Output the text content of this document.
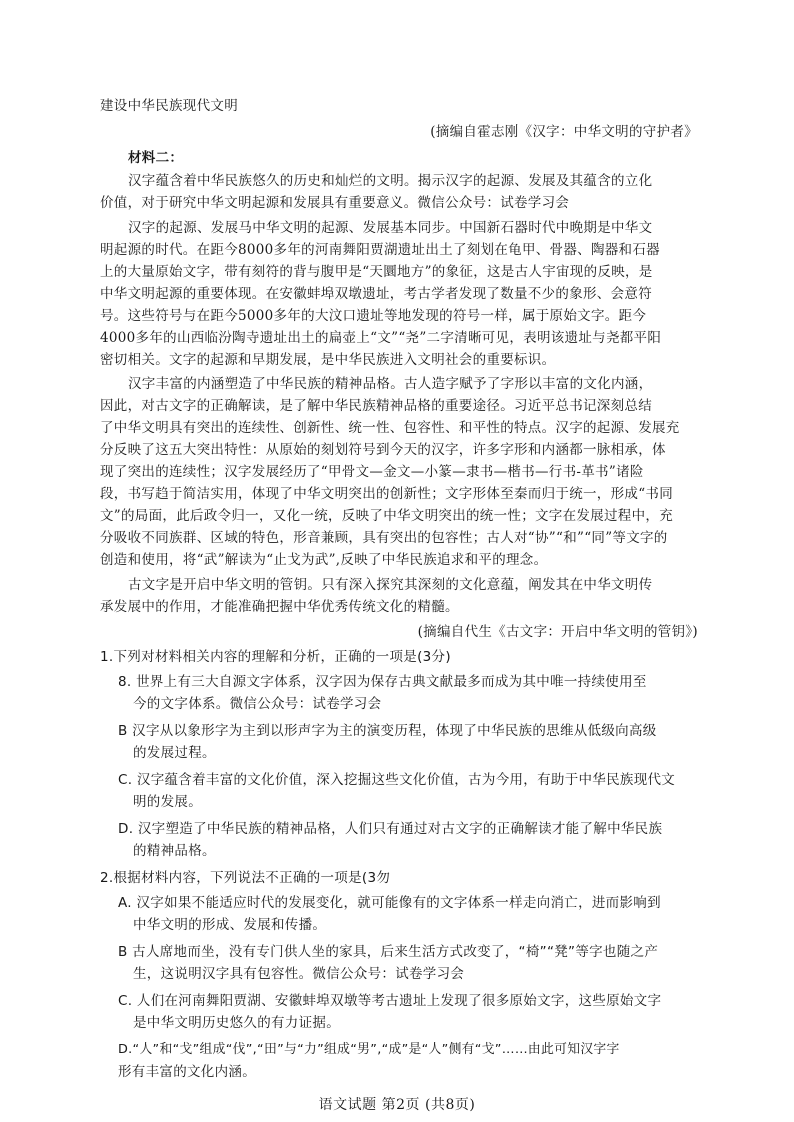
建设中华民族现代文明
(摘编自霍志刚《汉字：中华文明的守护者》
材料二：
汉字蕴含着中华民族悠久的历史和灿烂的文明。揭示汉字的起源、发展及其蕴含的立化
价值，对于研究中华文明起源和发展具有重要意义。微信公众号：试卷学习会
汉字的起源、发展马中华文明的起源、发展基本同步。中国新石器时代中晚期是中华文
明起源的时代。在距今8000多年的河南舞阳贾湖遗址出土了刻划在龟甲、骨器、陶器和石器
上的大量原始文字，带有刻符的背与腹甲是“天圜地方”的象征，这是古人宇宙现的反映，是
中华文明起源的重要体现。在安徽蚌埠双墩遗址，考古学者发现了数量不少的象形、会意符
号。这些符号与在距今5000多年的大汶口遗址等地发现的符号一样，属于原始文字。距今
4000多年的山西临汾陶寺遗址出土的扁壶上“文”“尧”二字清晰可见，表明该遗址与尧都平阳
密切相关。文字的起源和早期发展，是中华民族进入文明社会的重要标识。
汉字丰富的内涵塑造了中华民族的精神品格。古人造字赋予了字形以丰富的文化内涵，
因此，对古文字的正确解读，是了解中华民族精神品格的重要途径。习近平总书记深刻总结
了中华文明具有突出的连续性、创新性、统一性、包容性、和平性的特点。汉字的起源、发展充
分反映了这五大突出特性：从原始的刻划符号到今天的汉字，许多字形和内涵都一脉相承，体
现了突出的连续性；汉字发展经历了“甲骨文—金文—小篆—隶书—楷书—行书-革书”诸险
段，书写趋于简洁实用，体现了中华文明突出的创新性；文字形体至秦而归于统一，形成“书同
文”的局面，此后政令归一，又化一统，反映了中华文明突出的统一性；文字在发展过程中，充
分吸收不同族群、区域的特色，形音兼顾，具有突出的包容性；古人对“协”“和”“同”等文字的
创造和使用，将“武”解读为“止戈为武”,反映了中华民族追求和平的理念。
古文字是开启中华文明的管钥。只有深入探究其深刻的文化意蕴，阐发其在中华文明传
承发展中的作用，才能准确把握中华优秀传统文化的精髓。
(摘编自代生《古文字：开启中华文明的管钥》)
1.下列对材料相关内容的理解和分析，正确的一项是(3分)
8. 世界上有三大自源文字体系，汉字因为保存古典文献最多而成为其中唯一持续使用至
今的文字体系。微信公众号：试卷学习会
B 汉字从以象形字为主到以形声字为主的演变历程，体现了中华民族的思维从低级向高级
的发展过程。
C. 汉字蕴含着丰富的文化价值，深入挖掘这些文化价值，古为今用，有助于中华民族现代文
明的发展。
D. 汉字塑造了中华民族的精神品格，人们只有通过对古文字的正确解读才能了解中华民族
的精神品格。
2.根据材料内容，下列说法不正确的一项是(3勿
A. 汉字如果不能适应时代的发展变化，就可能像有的文字体系一样走向消亡，进而影响到
中华文明的形成、发展和传播。
B 古人席地而坐，没有专门供人坐的家具，后来生活方式改变了，“椅”“凳”等字也随之产
生，这说明汉字具有包容性。微信公众号：试卷学习会
C. 人们在河南舞阳贾湖、安徽蚌埠双墩等考古遗址上发现了很多原始文字，这些原始文字
是中华文明历史悠久的有力证据。
D.“人”和“戈”组成“伐”,“田”与“力”组成“男”,“成”是“人”侧有“戈”……由此可知汉字字
语文试题 第2页 (共8页)
形有丰富的文化内涵。
